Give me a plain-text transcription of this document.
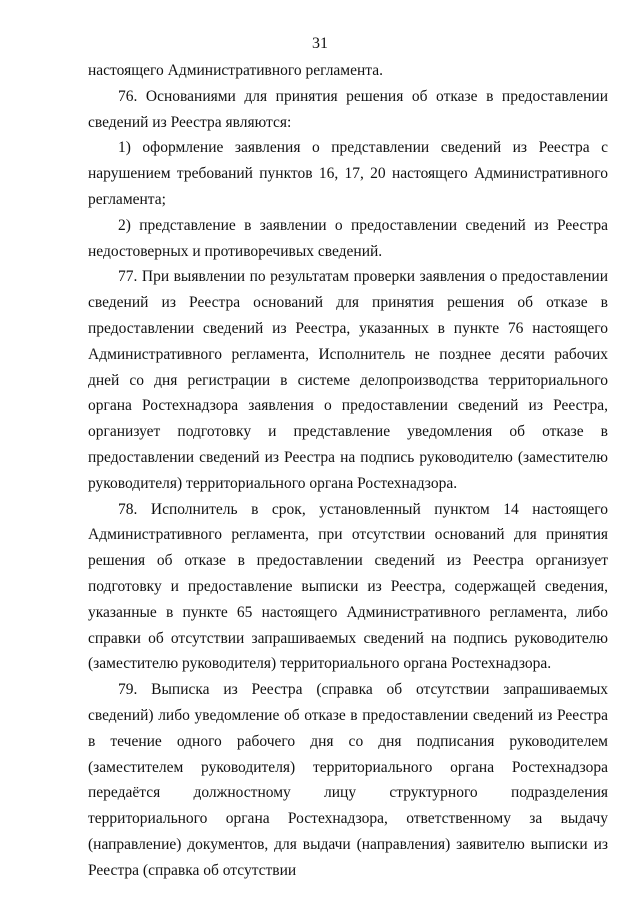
31

настоящего Административного регламента.

76. Основаниями для принятия решения об отказе в предоставлении сведений из Реестра являются:

1) оформление заявления о представлении сведений из Реестра с нарушением требований пунктов 16, 17, 20 настоящего Административного регламента;

2) представление в заявлении о предоставлении сведений из Реестра недостоверных и противоречивых сведений.

77. При выявлении по результатам проверки заявления о предоставлении сведений из Реестра оснований для принятия решения об отказе в предоставлении сведений из Реестра, указанных в пункте 76 настоящего Административного регламента, Исполнитель не позднее десяти рабочих дней со дня регистрации в системе делопроизводства территориального органа Ростехнадзора заявления о предоставлении сведений из Реестра, организует подготовку и представление уведомления об отказе в предоставлении сведений из Реестра на подпись руководителю (заместителю руководителя) территориального органа Ростехнадзора.

78. Исполнитель в срок, установленный пунктом 14 настоящего Административного регламента, при отсутствии оснований для принятия решения об отказе в предоставлении сведений из Реестра организует подготовку и предоставление выписки из Реестра, содержащей сведения, указанные в пункте 65 настоящего Административного регламента, либо справки об отсутствии запрашиваемых сведений на подпись руководителю (заместителю руководителя) территориального органа Ростехнадзора.

79. Выписка из Реестра (справка об отсутствии запрашиваемых сведений) либо уведомление об отказе в предоставлении сведений из Реестра в течение одного рабочего дня со дня подписания руководителем (заместителем руководителя) территориального органа Ростехнадзора передаётся должностному лицу структурного подразделения территориального органа Ростехнадзора, ответственному за выдачу (направление) документов, для выдачи (направления) заявителю выписки из Реестра (справка об отсутствии
